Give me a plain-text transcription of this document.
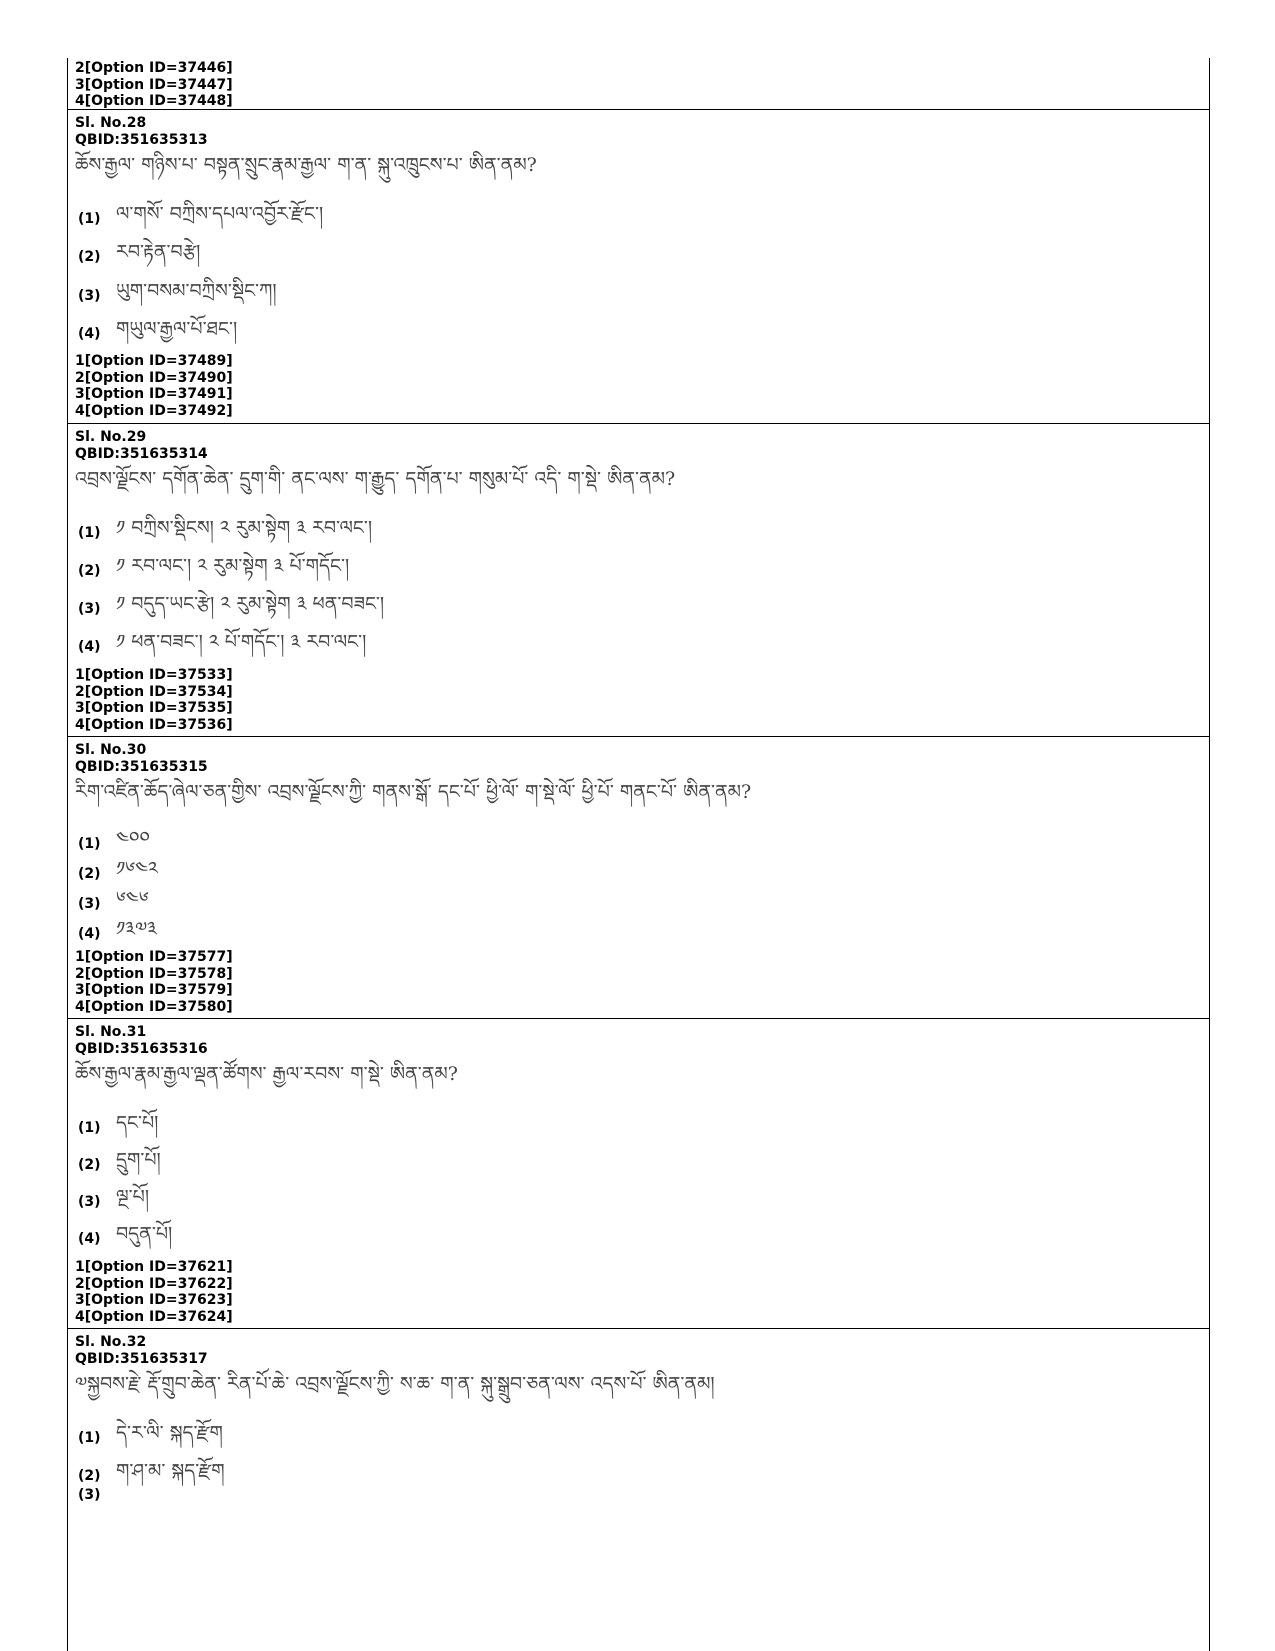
2[Option ID=37446]
3[Option ID=37447]
4[Option ID=37448]
Sl. No.28
QBID:351635313
ཆོས་རྒྱལ་ གཉིས་པ་ བསྟན་སྲུང་རྣམ་རྒྱལ་ ག་ན་ སྐུ་འཁྲུངས་པ་ ཨིན་ནམ?
(1) ལ་གསོ་ བཀྲིས་དཔལ་འབྱོར་རྫོང་།
(2) རབ་རྟེན་བརྩེ།
(3) ཡུག་བསམ་བཀྲིས་སྡིང་ཀ།
(4) གཡུལ་རྒྱལ་པོ་ཐང་།
1[Option ID=37489]
2[Option ID=37490]
3[Option ID=37491]
4[Option ID=37492]
Sl. No.29
QBID:351635314
འབྲས་ལྗོངས་ དགོན་ཆེན་ དྲུག་གི་ ནང་ལས་ ག་རྒྱུད་ དགོན་པ་ གསུམ་པོ་ འདི་ ག་སྡེ་ ཨིན་ནམ?
(1) ༡ བཀྲིས་སྡིངས། ༢ རུམ་སྟེག ༣ རབ་ལང་།
(2) ༡ རབ་ལང་། ༢ རུམ་སྟེག ༣ པོ་གདོང་།
(3) ༡ བདུད་ཡང་རྩེ། ༢ རུམ་སྟེག ༣ ཕན་བཟང་།
(4) ༡ ཕན་བཟང་། ༢ པོ་གདོང་། ༣ རབ་ལང་།
1[Option ID=37533]
2[Option ID=37534]
3[Option ID=37535]
4[Option ID=37536]
Sl. No.30
QBID:351635315
རིག་འཛིན་ཆོད་ཞེལ་ཅན་གྱིས་ འབྲས་ལྗོངས་ཀྱི་ གནས་སྒོ་ དང་པོ་ ཕྱི་ལོ་ ག་སྡེ་ལོ་ ཕྱི་པོ་ གནང་པོ་ ཨིན་ནམ?
(1) ༤༠༠
(2) ༡༦༤༢
(3) ༦༤༦
(4) ༡༣༧༣
1[Option ID=37577]
2[Option ID=37578]
3[Option ID=37579]
4[Option ID=37580]
Sl. No.31
QBID:351635316
ཆོས་རྒྱལ་རྣམ་རྒྱལ་ལྡན་ཚོགས་ རྒྱལ་རབས་ ག་སྡེ་ ཨིན་ནམ?
(1) དང་པོ།
(2) དྲུག་པོ།
(3) ལྔ་པོ།
(4) བདུན་པོ།
1[Option ID=37621]
2[Option ID=37622]
3[Option ID=37623]
4[Option ID=37624]
Sl. No.32
QBID:351635317
༧སྐྱབས་རྗེ་ རྡོ་གྲུབ་ཆེན་ རིན་པོ་ཆེ་ འབྲས་ལྗོངས་ཀྱི་ ས་ཆ་ ག་ན་ སྐུ་སྒྲུབ་ཅན་ལས་ འདས་པོ་ ཨིན་ནམ།
(1) དེ་ར་ལི་ སྐད་རྫོག
(2) ག་ཤ་མ་ སྐད་རྫོག
(3)
